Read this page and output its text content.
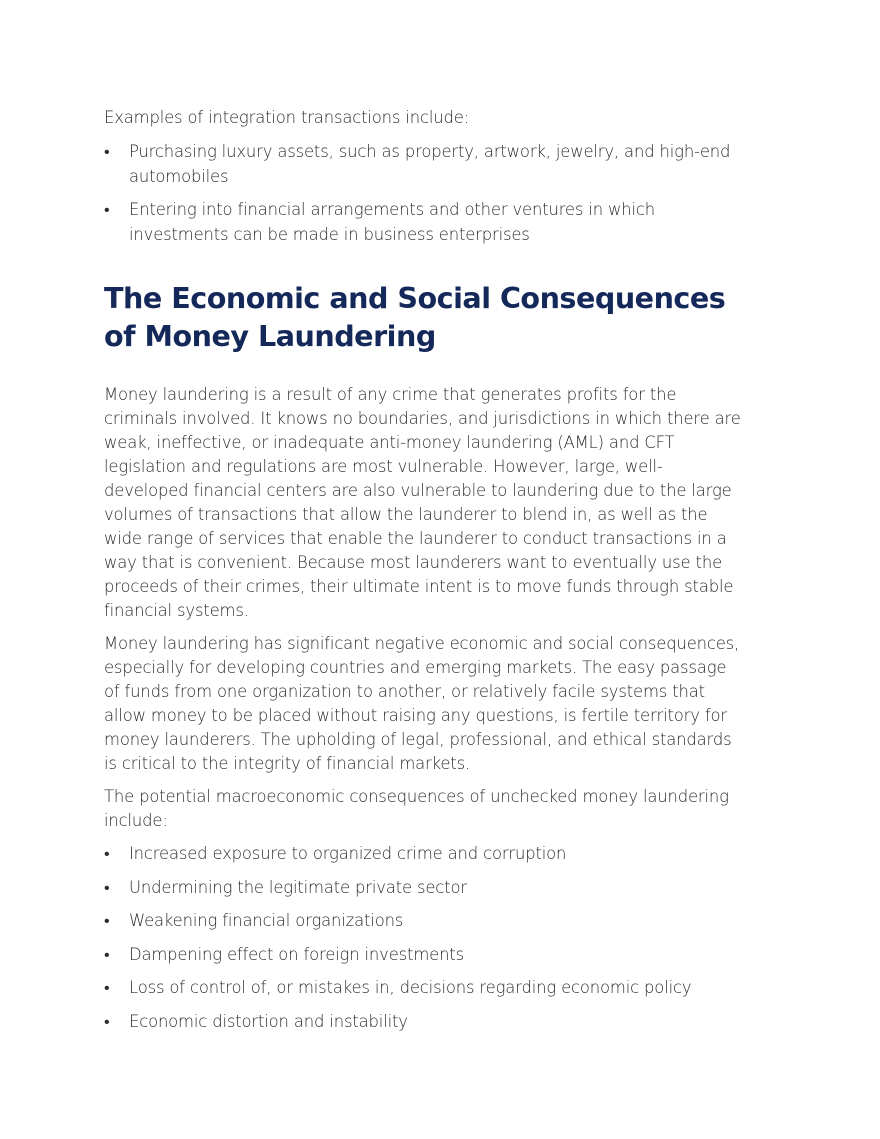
Examples of integration transactions include:

• Purchasing luxury assets, such as property, artwork, jewelry, and high-end automobiles
• Entering into financial arrangements and other ventures in which investments can be made in business enterprises
The Economic and Social Consequences of Money Laundering

Money laundering is a result of any crime that generates profits for the criminals involved. It knows no boundaries, and jurisdictions in which there are weak, ineffective, or inadequate anti-money laundering (AML) and CFT legislation and regulations are most vulnerable. However, large, well-developed financial centers are also vulnerable to laundering due to the large volumes of transactions that allow the launderer to blend in, as well as the wide range of services that enable the launderer to conduct transactions in a way that is convenient. Because most launderers want to eventually use the proceeds of their crimes, their ultimate intent is to move funds through stable financial systems.

Money laundering has significant negative economic and social consequences, especially for developing countries and emerging markets. The easy passage of funds from one organization to another, or relatively facile systems that allow money to be placed without raising any questions, is fertile territory for money launderers. The upholding of legal, professional, and ethical standards is critical to the integrity of financial markets.

The potential macroeconomic consequences of unchecked money laundering include:

• Increased exposure to organized crime and corruption
• Undermining the legitimate private sector
• Weakening financial organizations
• Dampening effect on foreign investments
• Loss of control of, or mistakes in, decisions regarding economic policy
• Economic distortion and instability
